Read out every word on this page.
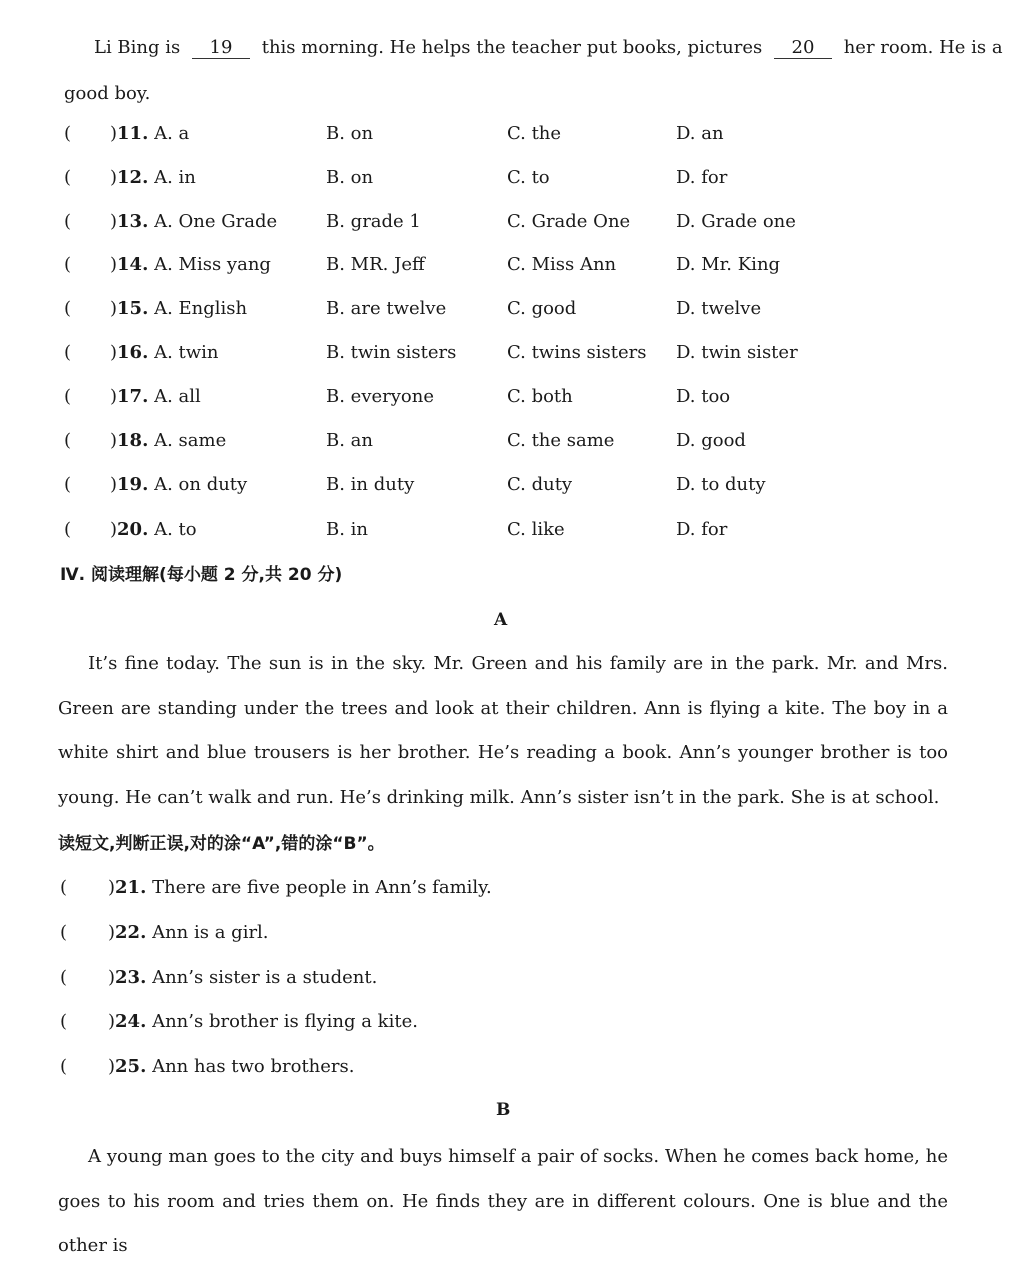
Li Bing is 19 this morning. He helps the teacher put books, pictures 20 her room. He is a
good boy.
( )11. A. a	B. on	C. the	D. an
( )12. A. in	B. on	C. to	D. for
( )13. A. One Grade	B. grade 1	C. Grade One	D. Grade one
( )14. A. Miss yang	B. MR. Jeff	C. Miss Ann	D. Mr. King
( )15. A. English	B. are twelve	C. good	D. twelve
( )16. A. twin	B. twin sisters	C. twins sisters D. twin sister
( )17. A. all	B. everyone	C. both	D. too
( )18. A. same	B. an	C. the same	D. good
( )19. A. on duty	B. in duty	C. duty	D. to duty
( )20. A. to	B. in	C. like	D. for
Ⅳ. 阅读理解(每小题 2 分,共 20 分)
A
It’s fine today. The sun is in the sky. Mr. Green and his family are in the park. Mr. and Mrs. Green are standing under the trees and look at their children. Ann is flying a kite. The boy in a white shirt and blue trousers is her brother. He’s reading a book. Ann’s younger brother is too young. He can’t walk and run. He’s drinking milk. Ann’s sister isn’t in the park. She is at school.
读短文,判断正误,对的涂“A”,错的涂“B”。
( )21. There are five people in Ann’s family.
( )22. Ann is a girl.
( )23. Ann’s sister is a student.
( )24. Ann’s brother is flying a kite.
( )25. Ann has two brothers.
B
A young man goes to the city and buys himself a pair of socks. When he comes back home, he goes to his room and tries them on. He finds they are in different colours. One is blue and the other is
